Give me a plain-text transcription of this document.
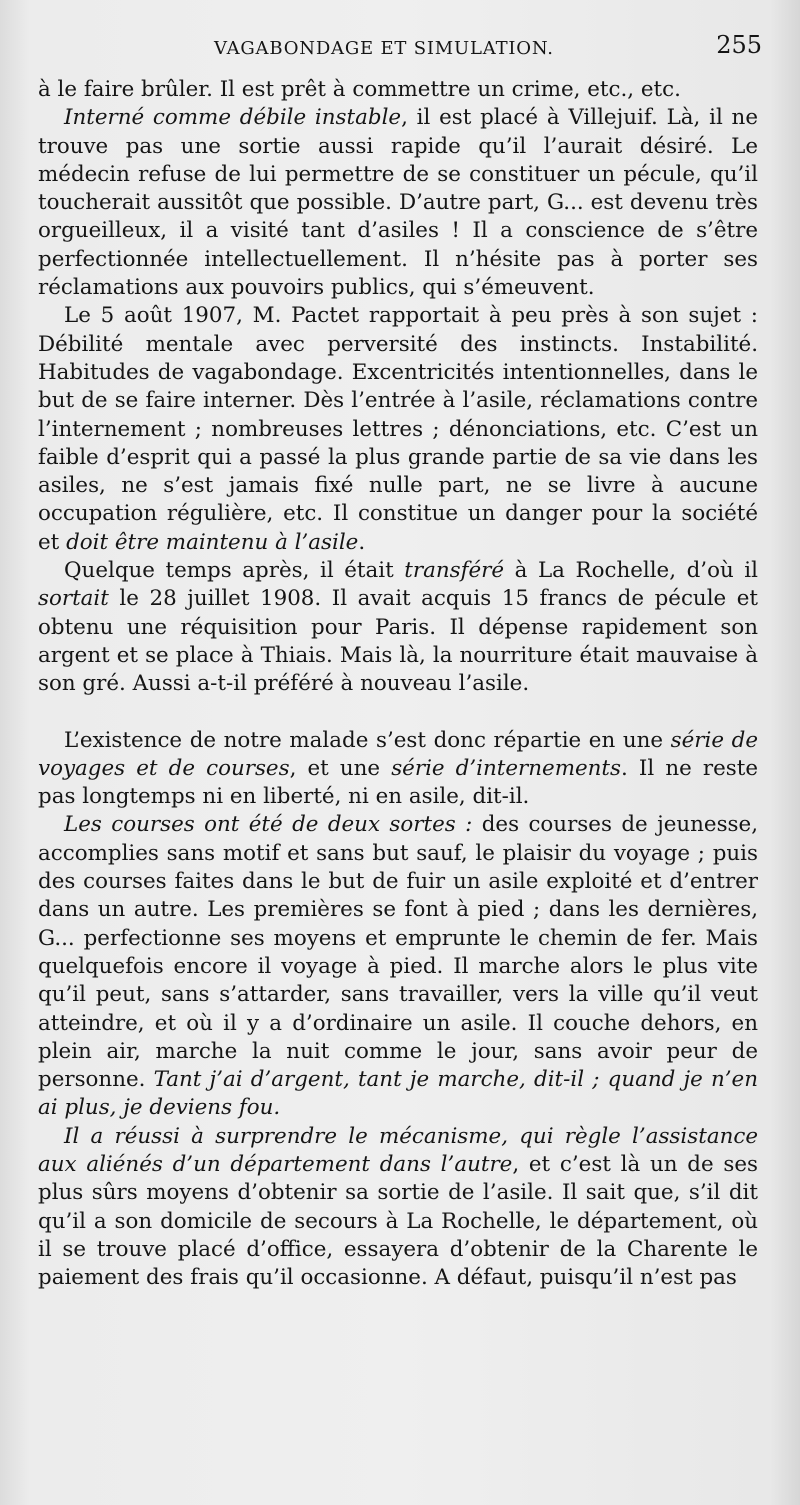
VAGABONDAGE ET SIMULATION.	255

à le faire brûler. Il est prêt à commettre un crime, etc., etc.

Interné comme débile instable, il est placé à Villejuif. Là, il ne trouve pas une sortie aussi rapide qu’il l’aurait désiré. Le médecin refuse de lui permettre de se constituer un pécule, qu’il toucherait aussitôt que possible. D’autre part, G... est devenu très orgueilleux, il a visité tant d’asiles ! Il a conscience de s’être perfectionnée intellectuellement. Il n’hésite pas à porter ses réclamations aux pouvoirs publics, qui s’émeuvent.

Le 5 août 1907, M. Pactet rapportait à peu près à son sujet : Débilité mentale avec perversité des instincts. Instabilité. Habitudes de vagabondage. Excentricités intentionnelles, dans le but de se faire interner. Dès l’entrée à l’asile, réclamations contre l’internement ; nombreuses lettres ; dénonciations, etc. C’est un faible d’esprit qui a passé la plus grande partie de sa vie dans les asiles, ne s’est jamais fixé nulle part, ne se livre à aucune occupation régulière, etc. Il constitue un danger pour la société et doit être maintenu à l’asile.

Quelque temps après, il était transféré à La Rochelle, d’où il sortait le 28 juillet 1908. Il avait acquis 15 francs de pécule et obtenu une réquisition pour Paris. Il dépense rapidement son argent et se place à Thiais. Mais là, la nourriture était mauvaise à son gré. Aussi a-t-il préféré à nouveau l’asile.

L’existence de notre malade s’est donc répartie en une série de voyages et de courses, et une série d’internements. Il ne reste pas longtemps ni en liberté, ni en asile, dit-il.

Les courses ont été de deux sortes : des courses de jeunesse, accomplies sans motif et sans but sauf, le plaisir du voyage ; puis des courses faites dans le but de fuir un asile exploité et d’entrer dans un autre. Les premières se font à pied ; dans les dernières, G... perfectionne ses moyens et emprunte le chemin de fer. Mais quelquefois encore il voyage à pied. Il marche alors le plus vite qu’il peut, sans s’attarder, sans travailler, vers la ville qu’il veut atteindre, et où il y a d’ordinaire un asile. Il couche dehors, en plein air, marche la nuit comme le jour, sans avoir peur de personne. Tant j’ai d’argent, tant je marche, dit-il ; quand je n’en ai plus, je deviens fou.

Il a réussi à surprendre le mécanisme, qui règle l’assistance aux aliénés d’un département dans l’autre, et c’est là un de ses plus sûrs moyens d’obtenir sa sortie de l’asile. Il sait que, s’il dit qu’il a son domicile de secours à La Rochelle, le département, où il se trouve placé d’office, essayera d’obtenir de la Charente le paiement des frais qu’il occasionne. A défaut, puisqu’il n’est pas
